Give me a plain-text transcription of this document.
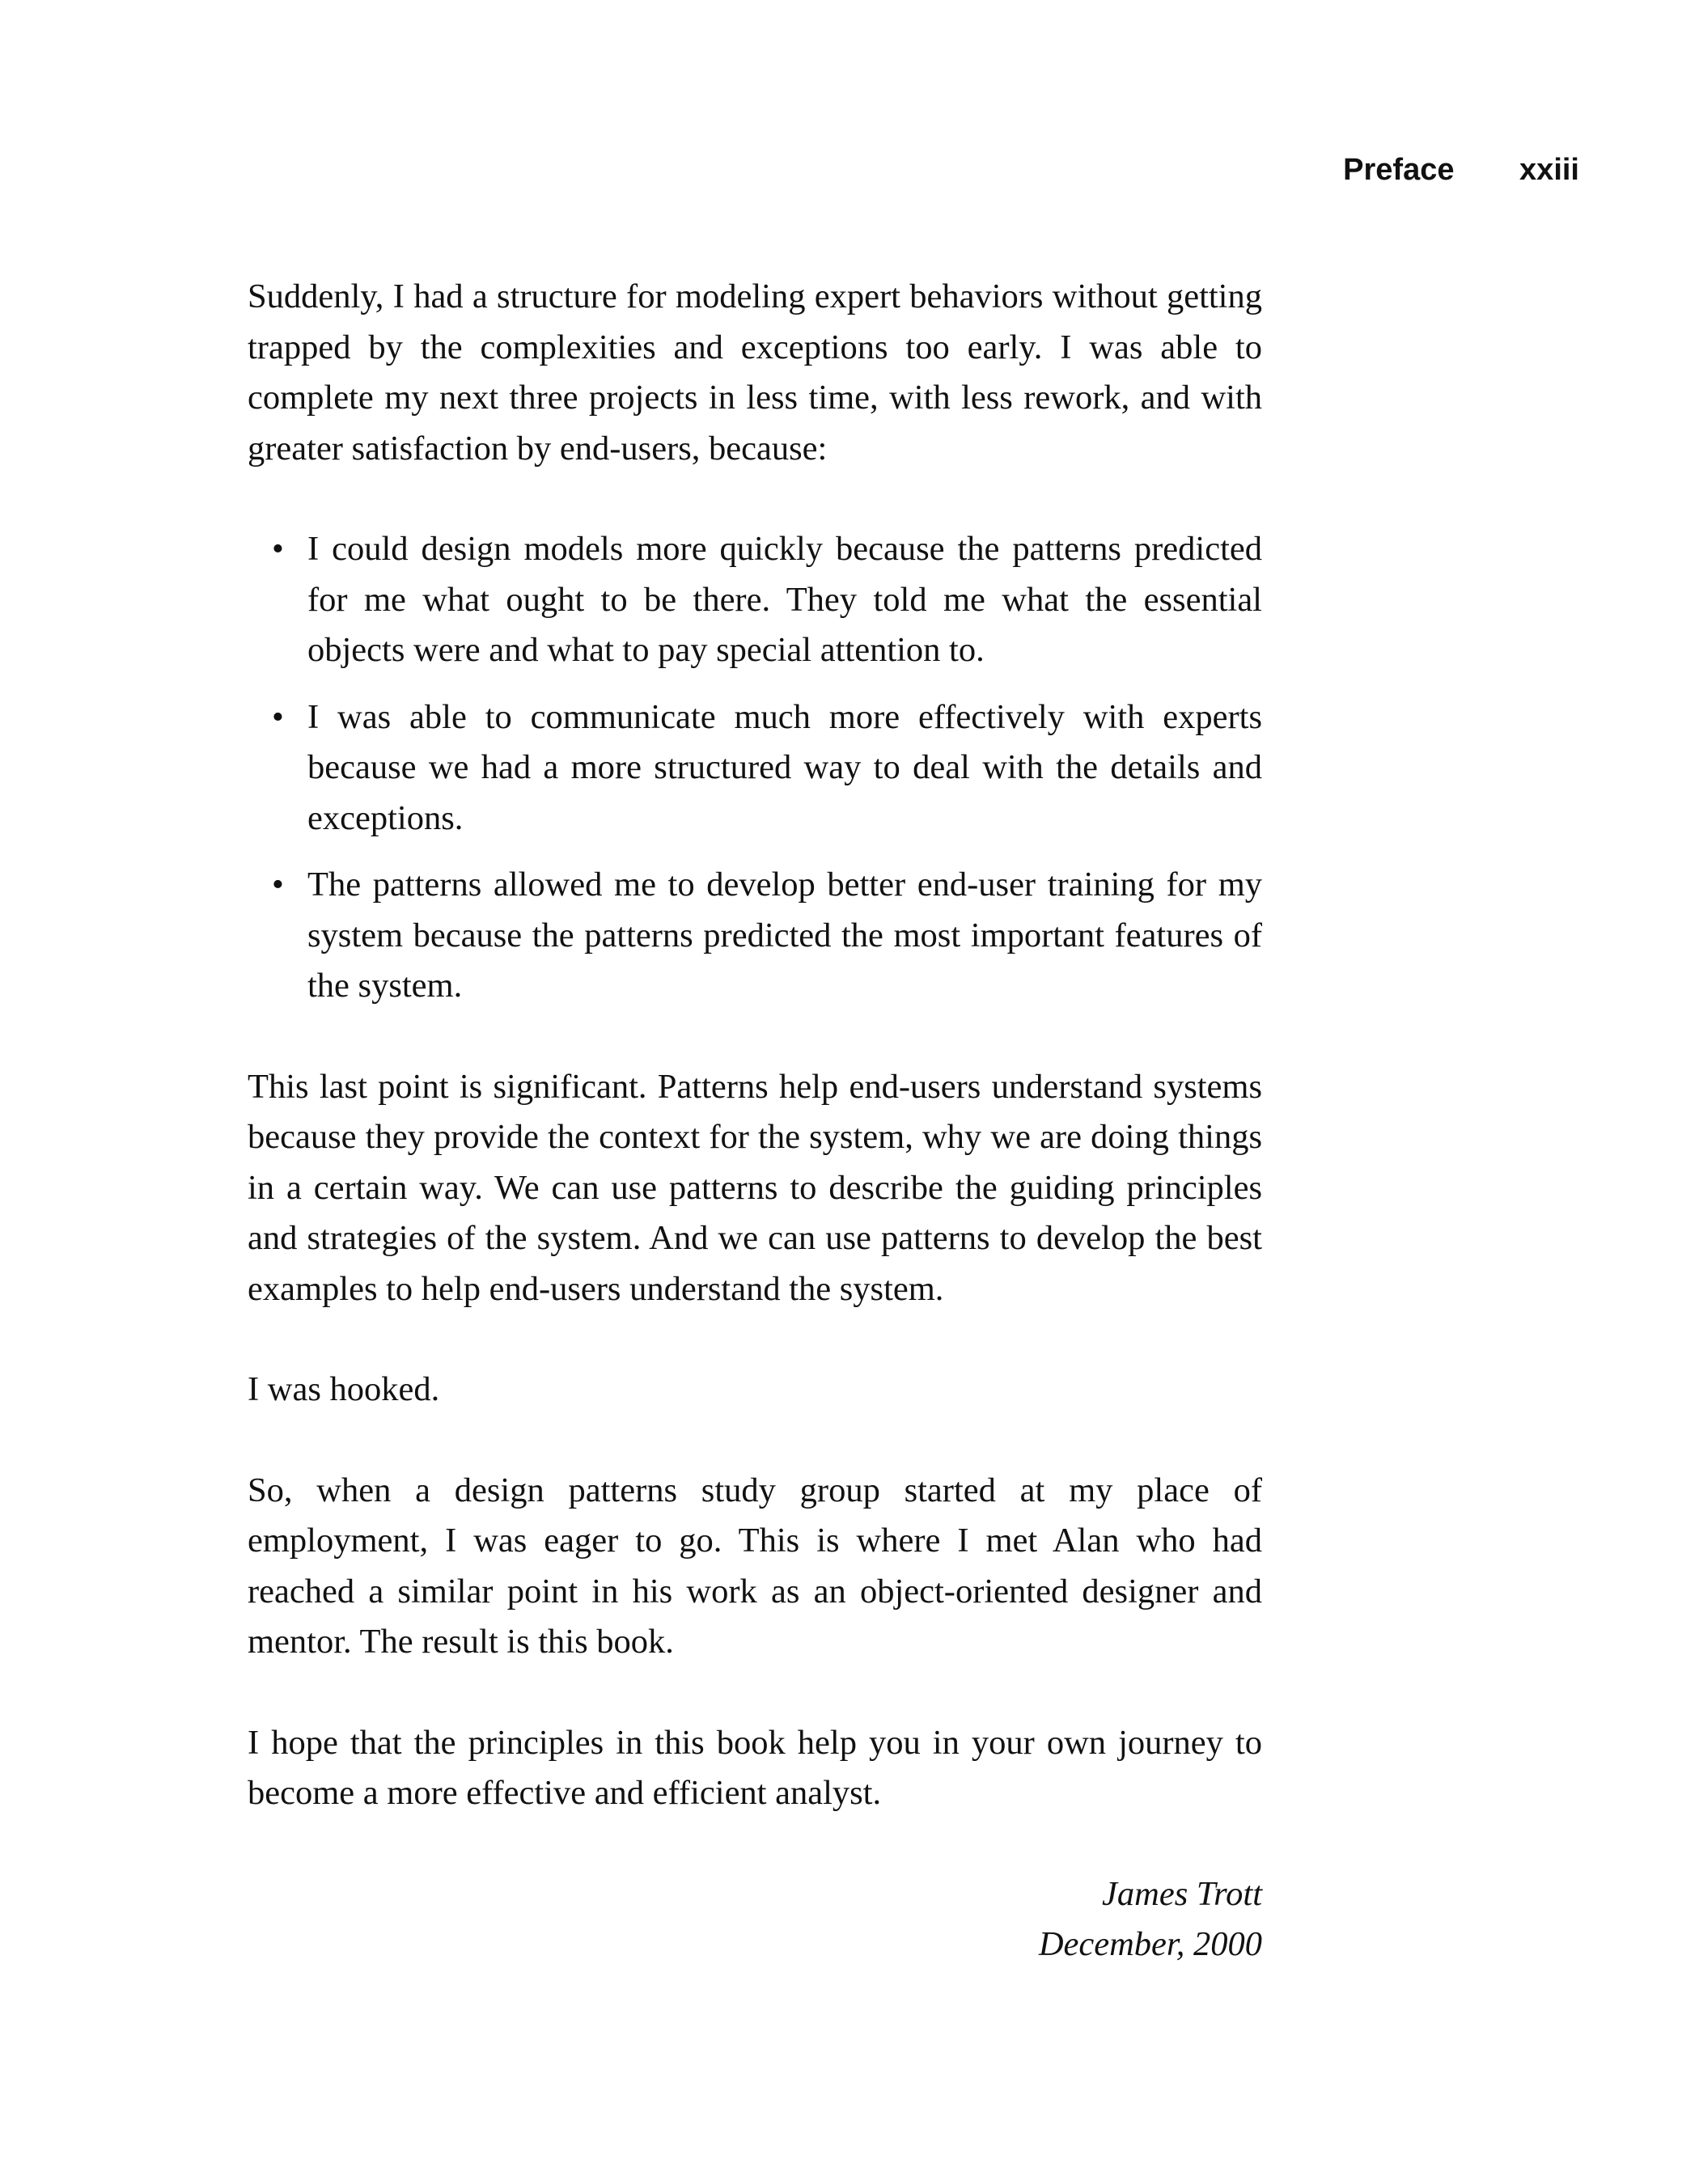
Preface xxiii

Suddenly, I had a structure for modeling expert behaviors without getting trapped by the complexities and exceptions too early. I was able to complete my next three projects in less time, with less rework, and with greater satisfaction by end-users, because:

• I could design models more quickly because the patterns predicted for me what ought to be there. They told me what the essential objects were and what to pay special attention to.
• I was able to communicate much more effectively with experts because we had a more structured way to deal with the details and exceptions.
• The patterns allowed me to develop better end-user training for my system because the patterns predicted the most important features of the system.

This last point is significant. Patterns help end-users understand systems because they provide the context for the system, why we are doing things in a certain way. We can use patterns to describe the guiding principles and strategies of the system. And we can use patterns to develop the best examples to help end-users understand the system.

I was hooked.

So, when a design patterns study group started at my place of employment, I was eager to go. This is where I met Alan who had reached a similar point in his work as an object-oriented designer and mentor. The result is this book.

I hope that the principles in this book help you in your own journey to become a more effective and efficient analyst.

James Trott
December, 2000
